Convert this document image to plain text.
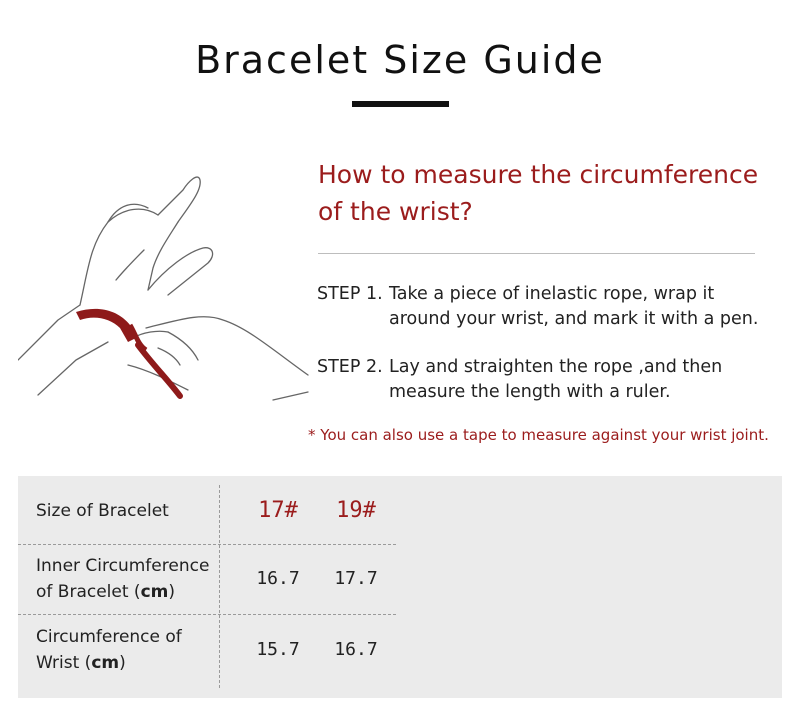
Bracelet Size Guide
How to measure the circumference
of the wrist?
STEP 1. Take a piece of inelastic rope, wrap it
around your wrist, and mark it with a pen.
STEP 2. Lay and straighten the rope ,and then
measure the length with a ruler.
* You can also use a tape to measure against your wrist joint.
Size of Bracelet	17#	19#
Inner Circumference
of Bracelet (cm)
16.7	17.7
Circumference of
Wrist (cm)
15.7	16.7
